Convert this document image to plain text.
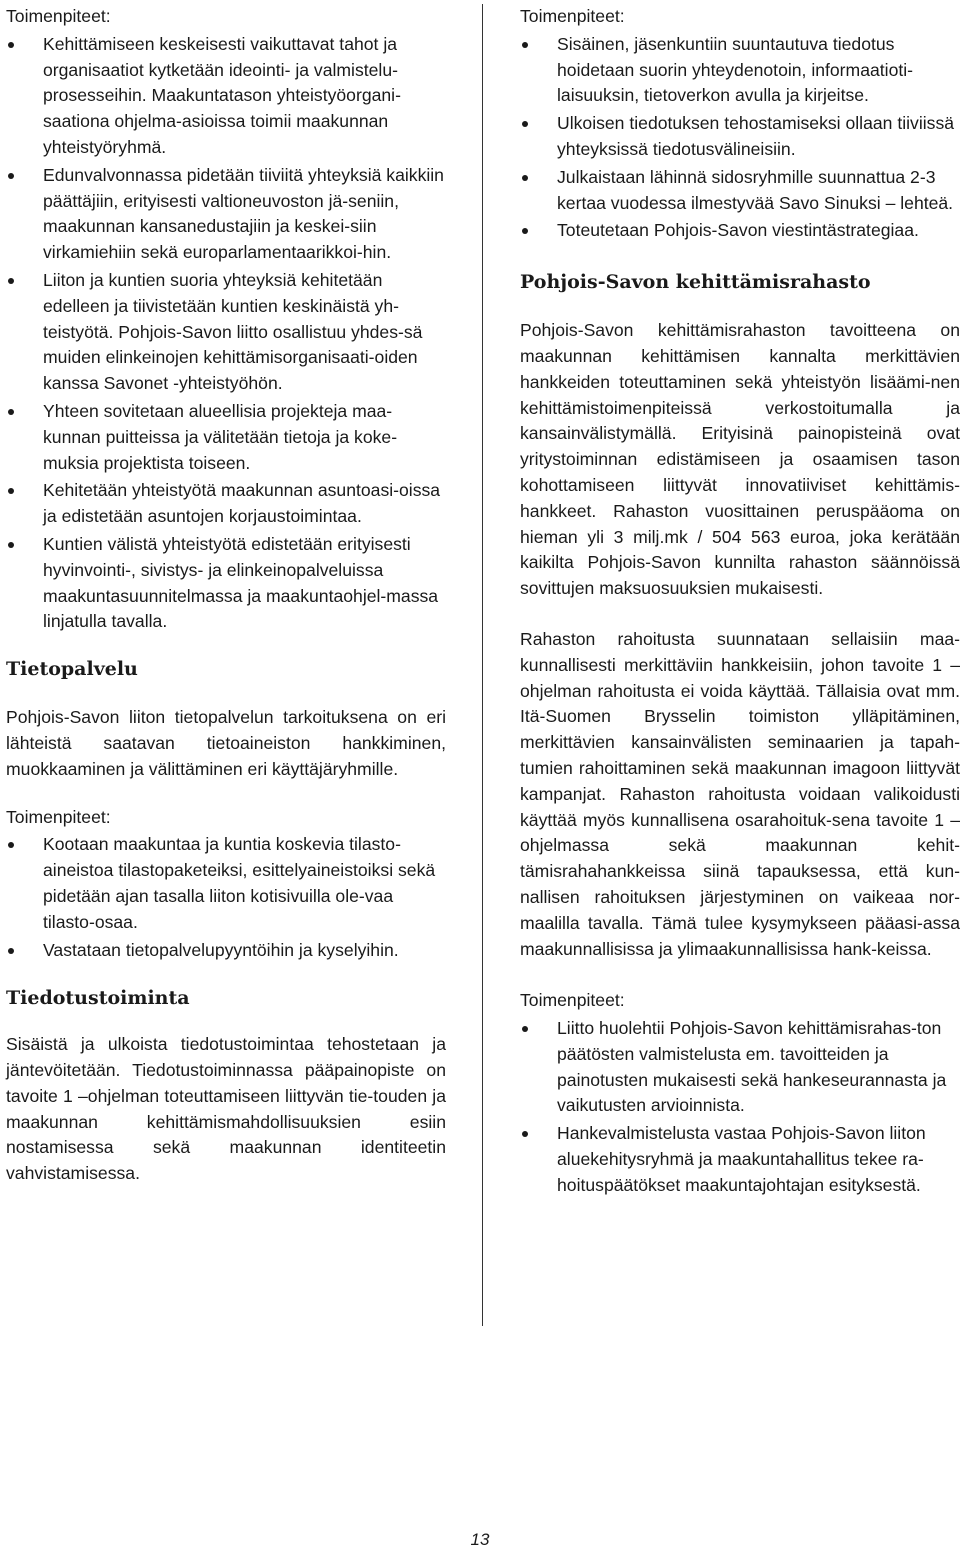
Toimenpiteet:

Kehittämiseen keskeisesti vaikuttavat tahot ja organisaatiot kytketään ideointi- ja valmistelu-prosesseihin. Maakuntatason yhteistyöorgani-saationa ohjelma-asioissa toimii maakunnan yhteistyöryhmä.
Edunvalvonnassa pidetään tiiviitä yhteyksiä kaikkiin päättäjiin, erityisesti valtioneuvoston jä-seniin, maakunnan kansanedustajiin ja keskei-siin virkamiehiin sekä europarlamentaarikkoi-hin.
Liiton ja kuntien suoria yhteyksiä kehitetään edelleen ja tiivistetään kuntien keskinäistä yh-teistyötä. Pohjois-Savon liitto osallistuu yhdes-sä muiden elinkeinojen kehittämisorganisaati-oiden kanssa Savonet -yhteistyöhön.
Yhteen sovitetaan alueellisia projekteja maa-kunnan puitteissa ja välitetään tietoja ja koke-muksia projektista toiseen.
Kehitetään yhteistyötä maakunnan asuntoasi-oissa ja edistetään asuntojen korjaustoimintaa.
Kuntien välistä yhteistyötä edistetään erityisesti hyvinvointi-, sivistys- ja elinkeinopalveluissa maakuntasuunnitelmassa ja maakuntaohjel-massa linjatulla tavalla.
Tietopalvelu

Pohjois-Savon liiton tietopalvelun tarkoituksena on eri lähteistä saatavan tietoaineiston hankkiminen, muokkaaminen ja välittäminen eri käyttäjäryhmille.

Toimenpiteet:

Kootaan maakuntaa ja kuntia koskevia tilasto-aineistoa tilastopaketeiksi, esittelyaineistoiksi sekä pidetään ajan tasalla liiton kotisivuilla ole-vaa tilasto-osaa.
Vastataan tietopalvelupyyntöihin ja kyselyihin.
Tiedotustoiminta

Sisäistä ja ulkoista tiedotustoimintaa tehostetaan ja jäntevöitetään. Tiedotustoiminnassa pääpainopiste on tavoite 1 –ohjelman toteuttamiseen liittyvän tie-touden ja maakunnan kehittämismahdollisuuksien esiin nostamisessa sekä maakunnan identiteetin vahvistamisessa.

Toimenpiteet:

Sisäinen, jäsenkuntiin suuntautuva tiedotus hoidetaan suorin yhteydenotoin, informaatioti-laisuuksin, tietoverkon avulla ja kirjeitse.
Ulkoisen tiedotuksen tehostamiseksi ollaan tiiviissä yhteyksissä tiedotusvälineisiin.
Julkaistaan lähinnä sidosryhmille suunnattua 2-3 kertaa vuodessa ilmestyvää Savo Sinuksi – lehteä.
Toteutetaan Pohjois-Savon viestintästrategiaa.
Pohjois-Savon kehittämisrahasto

Pohjois-Savon kehittämisrahaston tavoitteena on maakunnan kehittämisen kannalta merkittävien hankkeiden toteuttaminen sekä yhteistyön lisäämi-nen kehittämistoimenpiteissä verkostoitumalla ja kansainvälistymällä. Erityisinä painopisteinä ovat yritystoiminnan edistämiseen ja osaamisen tason kohottamiseen liittyvät innovatiiviset kehittämis-hankkeet. Rahaston vuosittainen peruspääoma on hieman yli 3 milj.mk / 504 563 euroa, joka kerätään kaikilta Pohjois-Savon kunnilta rahaston säännöissä sovittujen maksuosuuksien mukaisesti.

Rahaston rahoitusta suunnataan sellaisiin maa-kunnallisesti merkittäviin hankkeisiin, johon tavoite 1 –ohjelman rahoitusta ei voida käyttää. Tällaisia ovat mm. Itä-Suomen Brysselin toimiston ylläpitäminen, merkittävien kansainvälisten seminaarien ja tapah-tumien rahoittaminen sekä maakunnan imagoon liittyvät kampanjat. Rahaston rahoitusta voidaan valikoidusti käyttää myös kunnallisena osarahoituk-sena tavoite 1 –ohjelmassa sekä maakunnan kehit-tämisrahahankkeissa siinä tapauksessa, että kun-nallisen rahoituksen järjestyminen on vaikeaa nor-maalilla tavalla. Tämä tulee kysymykseen pääasi-assa maakunnallisissa ja ylimaakunnallisissa hank-keissa.

Toimenpiteet:

Liitto huolehtii Pohjois-Savon kehittämisrahas-ton päätösten valmistelusta em. tavoitteiden ja painotusten mukaisesti sekä hankeseurannasta ja vaikutusten arvioinnista.
Hankevalmistelusta vastaa Pohjois-Savon liiton aluekehitysryhmä ja maakuntahallitus tekee ra-hoituspäätökset maakuntajohtajan esityksestä.
13
